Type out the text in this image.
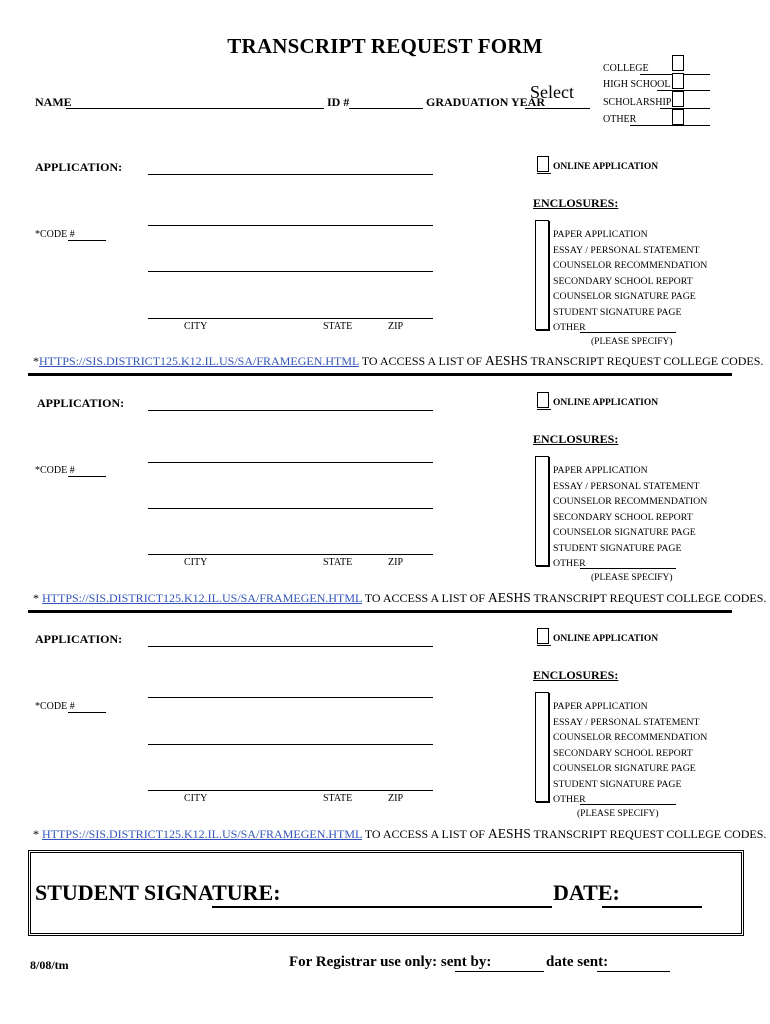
TRANSCRIPT REQUEST FORM
NAME	ID #	GRADUATION YEAR
Select
COLLEGE
HIGH SCHOOL
SCHOLARSHIP
OTHER
APPLICATION:
*CODE #
CITY	STATE	ZIP
ONLINE APPLICATION
ENCLOSURES:
PAPER APPLICATION
ESSAY / PERSONAL STATEMENT
COUNSELOR RECOMMENDATION
SECONDARY SCHOOL REPORT
COUNSELOR SIGNATURE PAGE
STUDENT SIGNATURE PAGE
OTHER
(PLEASE SPECIFY)
*HTTPS://SIS.DISTRICT125.K12.IL.US/SA/FRAMEGEN.HTML TO ACCESS A LIST OF AESHS TRANSCRIPT REQUEST COLLEGE CODES.
APPLICATION:
*CODE #
CITY	STATE	ZIP
ONLINE APPLICATION
ENCLOSURES:
PAPER APPLICATION
ESSAY / PERSONAL STATEMENT
COUNSELOR RECOMMENDATION
SECONDARY SCHOOL REPORT
COUNSELOR SIGNATURE PAGE
STUDENT SIGNATURE PAGE
OTHER
(PLEASE SPECIFY)
* HTTPS://SIS.DISTRICT125.K12.IL.US/SA/FRAMEGEN.HTML TO ACCESS A LIST OF AESHS TRANSCRIPT REQUEST COLLEGE CODES.
APPLICATION:
*CODE #
CITY	STATE	ZIP
ONLINE APPLICATION
ENCLOSURES:
PAPER APPLICATION
ESSAY / PERSONAL STATEMENT
COUNSELOR RECOMMENDATION
SECONDARY SCHOOL REPORT
COUNSELOR SIGNATURE PAGE
STUDENT SIGNATURE PAGE
OTHER
(PLEASE SPECIFY)
* HTTPS://SIS.DISTRICT125.K12.IL.US/SA/FRAMEGEN.HTML TO ACCESS A LIST OF AESHS TRANSCRIPT REQUEST COLLEGE CODES.
STUDENT SIGNATURE:	DATE:
8/08/tm	For Registrar use only: sent by:	date sent:
